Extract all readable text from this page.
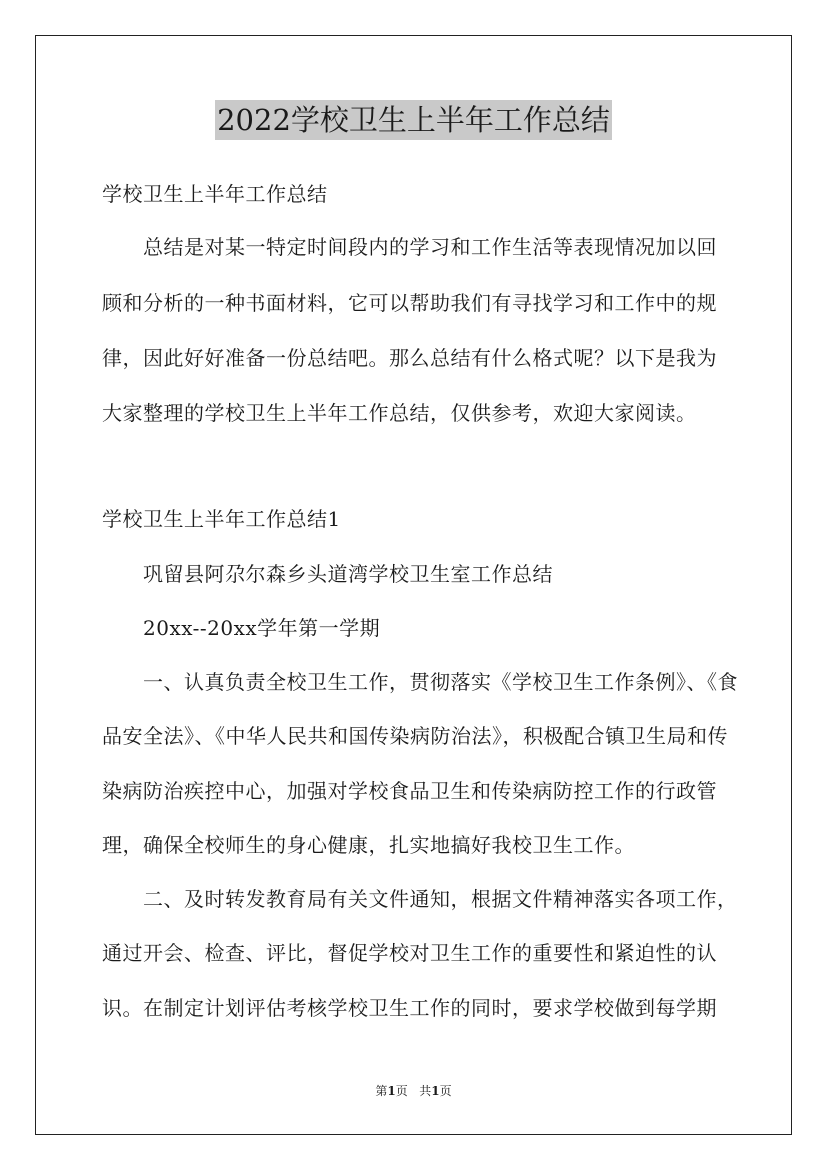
2022学校卫生上半年工作总结
学校卫生上半年工作总结
总结是对某一特定时间段内的学习和工作生活等表现情况加以回
顾和分析的一种书面材料，它可以帮助我们有寻找学习和工作中的规
律，因此好好准备一份总结吧。那么总结有什么格式呢？以下是我为
大家整理的学校卫生上半年工作总结，仅供参考，欢迎大家阅读。
学校卫生上半年工作总结1
巩留县阿尕尔森乡头道湾学校卫生室工作总结
20xx--20xx学年第一学期
一、认真负责全校卫生工作，贯彻落实《学校卫生工作条例》、《食
品安全法》、《中华人民共和国传染病防治法》，积极配合镇卫生局和传
染病防治疾控中心，加强对学校食品卫生和传染病防控工作的行政管
理，确保全校师生的身心健康，扎实地搞好我校卫生工作。
二、及时转发教育局有关文件通知，根据文件精神落实各项工作，
通过开会、检查、评比，督促学校对卫生工作的重要性和紧迫性的认
识。在制定计划评估考核学校卫生工作的同时，要求学校做到每学期
第1页 共1页
